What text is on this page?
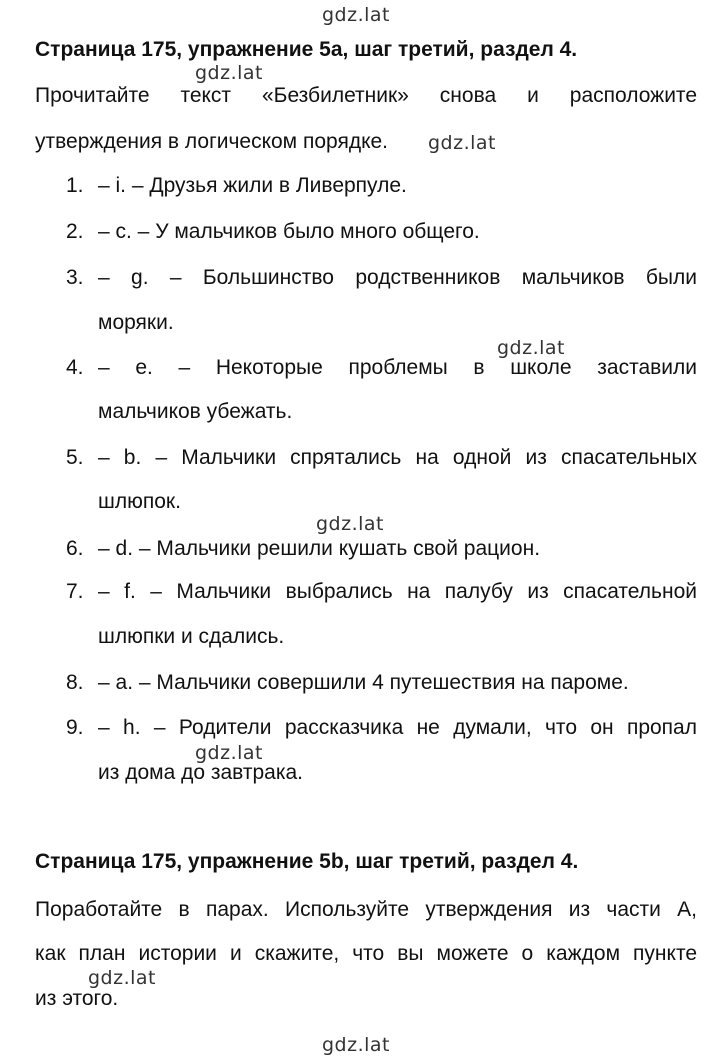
gdz.lat
gdz.lat
gdz.lat
gdz.lat
gdz.lat
gdz.lat
gdz.lat
gdz.lat
Страница 175, упражнение 5a, шаг третий, раздел 4.
Прочитайте текст «Безбилетник» снова и расположите
утверждения в логическом порядке.
1. – i. – Друзья жили в Ливерпуле.
2. – c. – У мальчиков было много общего.
3. – g. – Большинство родственников мальчиков были
моряки.
4. – e. – Некоторые проблемы в школе заставили
мальчиков убежать.
5. – b. – Мальчики спрятались на одной из спасательных
шлюпок.
6. – d. – Мальчики решили кушать свой рацион.
7. – f. – Мальчики выбрались на палубу из спасательной
шлюпки и сдались.
8. – a. – Мальчики совершили 4 путешествия на пароме.
9. – h. – Родители рассказчика не думали, что он пропал
из дома до завтрака.
Страница 175, упражнение 5b, шаг третий, раздел 4.
Поработайте в парах. Используйте утверждения из части А,
как план истории и скажите, что вы можете о каждом пункте
из этого.
